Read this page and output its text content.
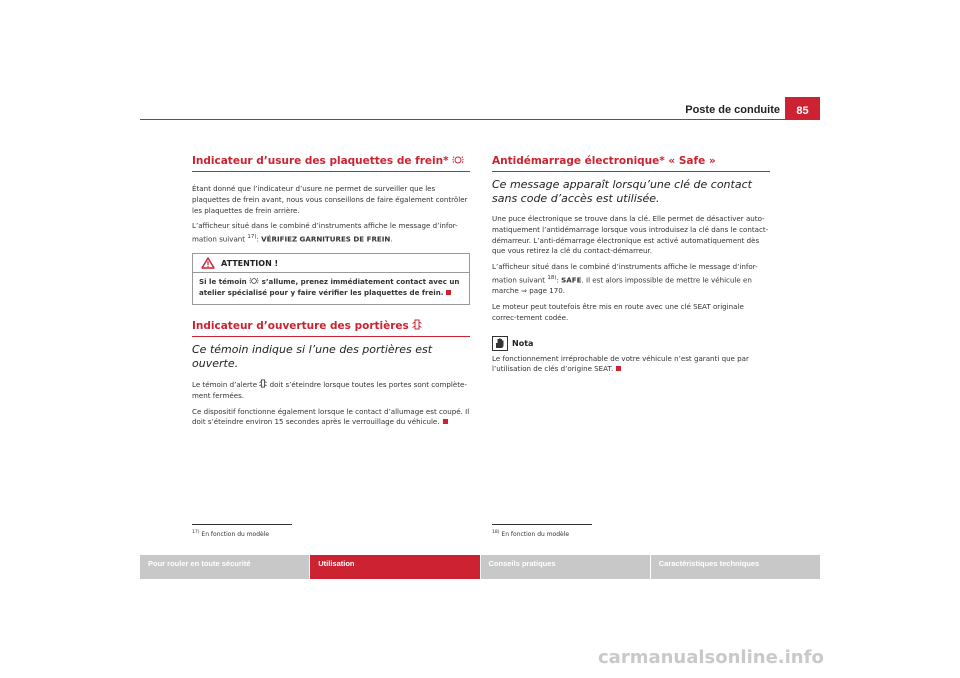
Poste de conduite	85
Indicateur d’usure des plaquettes de frein*

Étant donné que l’indicateur d’usure ne permet de surveiller que les plaquettes de frein avant, nous vous conseillons de faire également contrôler les plaquettes de frein arrière.

L’afficheur situé dans le combiné d’instruments affiche le message d’infor-mation suivant $^{17)}$: VÉRIFIEZ GARNITURES DE FREIN.

ATTENTION !
Si le témoin s’allume, prenez immédiatement contact avec un atelier spécialisé pour y faire vérifier les plaquettes de frein.
Indicateur d’ouverture des portières
Ce témoin indique si l’une des portières est ouverte.

Le témoin d’alerte doit s’éteindre lorsque toutes les portes sont complète-ment fermées.

Ce dispositif fonctionne également lorsque le contact d’allumage est coupé. Il doit s’éteindre environ 15 secondes après le verrouillage du véhicule.

Antidémarrage électronique* « Safe »
Ce message apparaît lorsqu’une clé de contact sans code d’accès est utilisée.

Une puce électronique se trouve dans la clé. Elle permet de désactiver auto-matiquement l’antidémarrage lorsque vous introduisez la clé dans le contact-démarreur. L’anti-démarrage électronique est activé automatiquement dès que vous retirez la clé du contact-démarreur.

L’afficheur situé dans le combiné d’instruments affiche le message d’infor-mation suivant $^{18)}$: SAFE. Il est alors impossible de mettre le véhicule en marche ⇒ page 170.

Le moteur peut toutefois être mis en route avec une clé SEAT originale correc-tement codée.

Nota

Le fonctionnement irréprochable de votre véhicule n’est garanti que par l’utilisation de clés d’origine SEAT.

$^{17)}$ En fonction du modèle	$^{18)}$ En fonction du modèle
Pour rouler en toute sécurité	Utilisation	Conseils pratiques	Caractéristiques techniques
carmanualsonline.info
